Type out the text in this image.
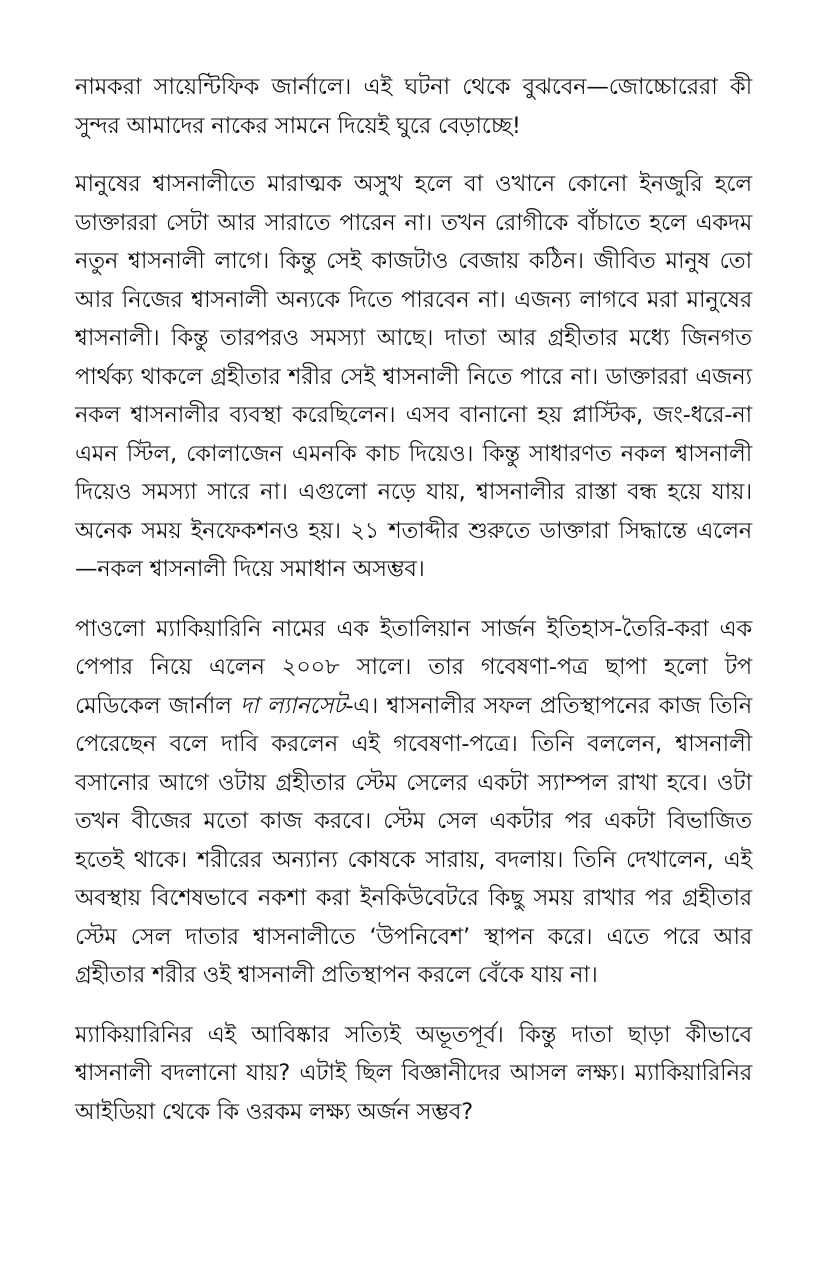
নামকরা সায়েন্টিফিক জার্নালে। এই ঘটনা থেকে বুঝবেন—জোচ্চোরেরা কী সুন্দর আমাদের নাকের সামনে দিয়েই ঘুরে বেড়াচ্ছে!

মানুষের শ্বাসনালীতে মারাত্মক অসুখ হলে বা ওখানে কোনো ইনজুরি হলে ডাক্তাররা সেটা আর সারাতে পারেন না। তখন রোগীকে বাঁচাতে হলে একদম নতুন শ্বাসনালী লাগে। কিন্তু সেই কাজটাও বেজায় কঠিন। জীবিত মানুষ তো আর নিজের শ্বাসনালী অন্যকে দিতে পারবেন না। এজন্য লাগবে মরা মানুষের শ্বাসনালী। কিন্তু তারপরও সমস্যা আছে। দাতা আর গ্রহীতার মধ্যে জিনগত পার্থক্য থাকলে গ্রহীতার শরীর সেই শ্বাসনালী নিতে পারে না। ডাক্তাররা এজন্য নকল শ্বাসনালীর ব্যবস্থা করেছিলেন। এসব বানানো হয় প্লাস্টিক, জং-ধরে-না এমন স্টিল, কোলাজেন এমনকি কাচ দিয়েও। কিন্তু সাধারণত নকল শ্বাসনালী দিয়েও সমস্যা সারে না। এগুলো নড়ে যায়, শ্বাসনালীর রাস্তা বন্ধ হয়ে যায়। অনেক সময় ইনফেকশনও হয়। ২১ শতাব্দীর শুরুতে ডাক্তারা সিদ্ধান্তে এলেন—নকল শ্বাসনালী দিয়ে সমাধান অসম্ভব।

পাওলো ম্যাকিয়ারিনি নামের এক ইতালিয়ান সার্জন ইতিহাস-তৈরি-করা এক পেপার নিয়ে এলেন ২০০৮ সালে। তার গবেষণা-পত্র ছাপা হলো টপ মেডিকেল জার্নাল দা ল্যানসেট-এ। শ্বাসনালীর সফল প্রতিস্থাপনের কাজ তিনি পেরেছেন বলে দাবি করলেন এই গবেষণা-পত্রে। তিনি বললেন, শ্বাসনালী বসানোর আগে ওটায় গ্রহীতার স্টেম সেলের একটা স্যাম্পল রাখা হবে। ওটা তখন বীজের মতো কাজ করবে। স্টেম সেল একটার পর একটা বিভাজিত হতেই থাকে। শরীরের অন্যান্য কোষকে সারায়, বদলায়। তিনি দেখালেন, এই অবস্থায় বিশেষভাবে নকশা করা ইনকিউবেটরে কিছু সময় রাখার পর গ্রহীতার স্টেম সেল দাতার শ্বাসনালীতে ‘উপনিবেশ’ স্থাপন করে। এতে পরে আর গ্রহীতার শরীর ওই শ্বাসনালী প্রতিস্থাপন করলে বেঁকে যায় না।

ম্যাকিয়ারিনির এই আবিষ্কার সত্যিই অভূতপূর্ব। কিন্তু দাতা ছাড়া কীভাবে শ্বাসনালী বদলানো যায়? এটাই ছিল বিজ্ঞানীদের আসল লক্ষ্য। ম্যাকিয়ারিনির আইডিয়া থেকে কি ওরকম লক্ষ্য অর্জন সম্ভব?
